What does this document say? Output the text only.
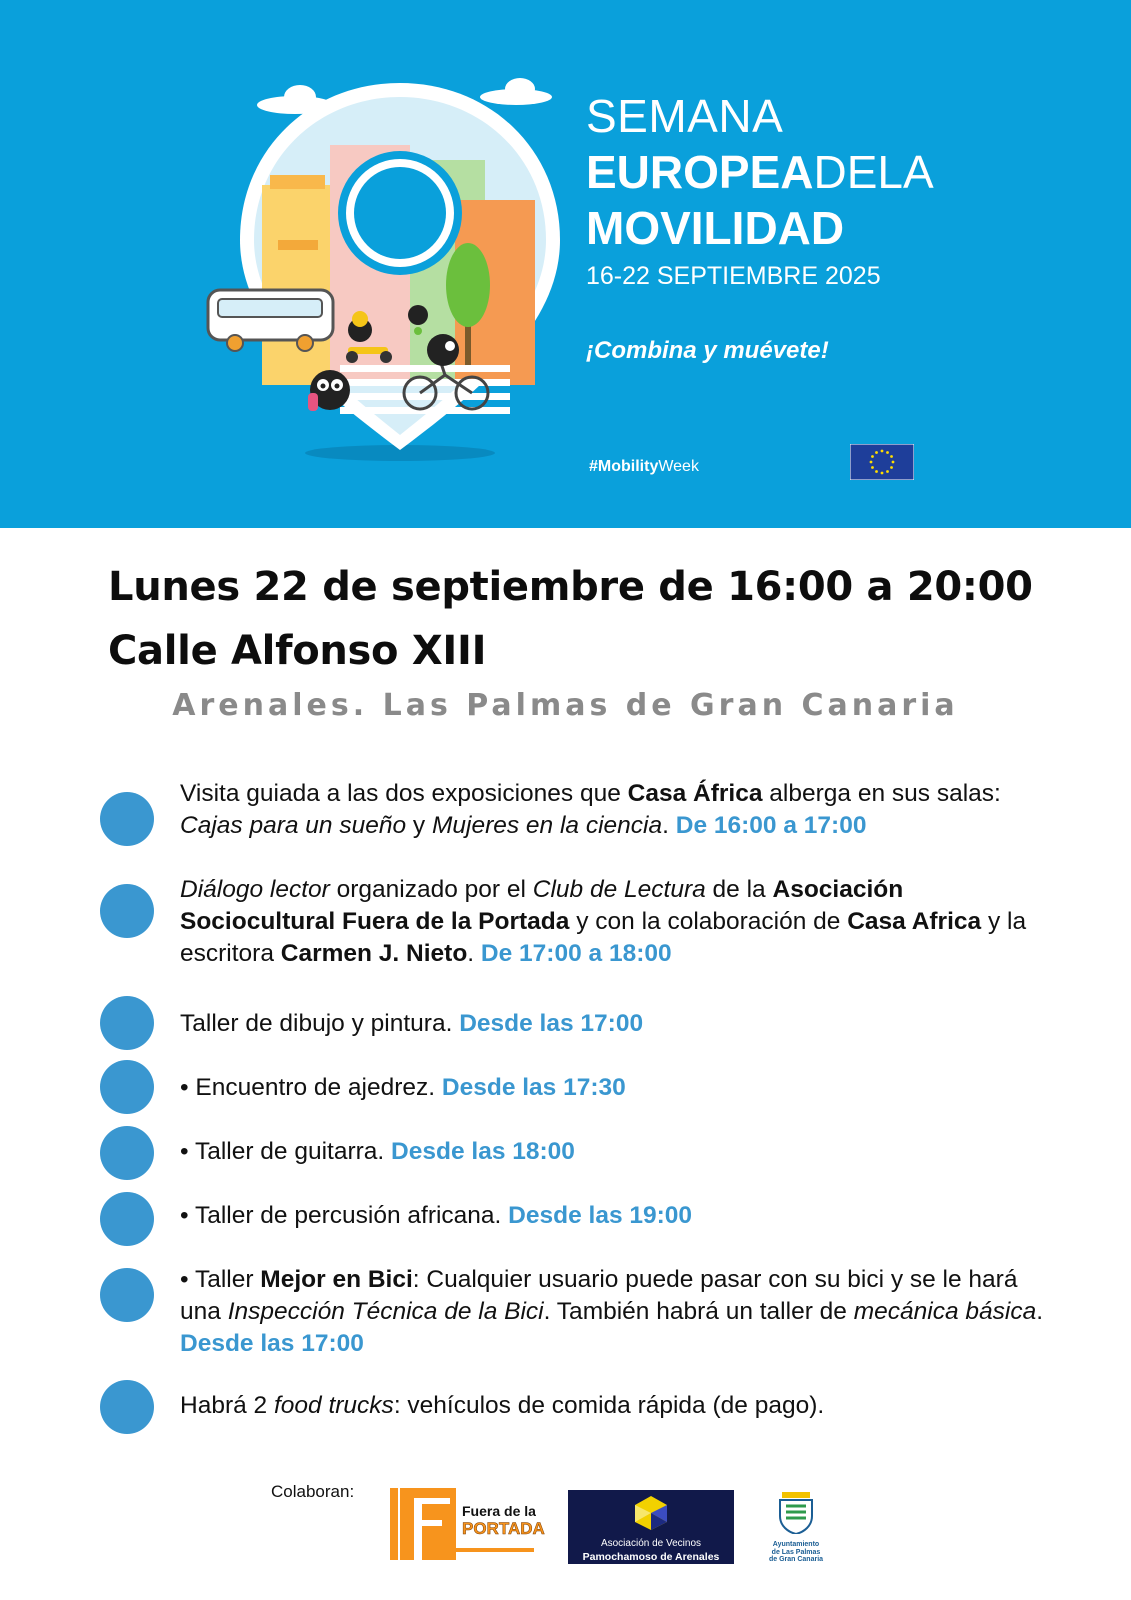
SEMANA
EUROPEADELA
MOVILIDAD
16-22 SEPTIEMBRE 2025
¡Combina y muévete!
#MobilityWeek
Lunes 22 de septiembre de 16:00 a 20:00
Calle Alfonso XIII
Arenales. Las Palmas de Gran Canaria
Visita guiada a las dos exposiciones que Casa África alberga en sus salas: Cajas para un sueño y Mujeres en la ciencia. De 16:00 a 17:00
Diálogo lector organizado por el Club de Lectura de la Asociación Sociocultural Fuera de la Portada y con la colaboración de Casa Africa y la escritora Carmen J. Nieto. De 17:00 a 18:00
Taller de dibujo y pintura. Desde las 17:00
• Encuentro de ajedrez. Desde las 17:30
• Taller de guitarra. Desde las 18:00
• Taller de percusión africana. Desde las 19:00
• Taller Mejor en Bici: Cualquier usuario puede pasar con su bici y se le hará una Inspección Técnica de la Bici. También habrá un taller de mecánica básica. Desde las 17:00
Habrá 2 food trucks: vehículos de comida rápida (de pago).
Colaboran:
Fuera de la
PORTADA
Asociación de Vecinos
Pamochamoso de Arenales
Ayuntamiento
de Las Palmas
de Gran Canaria
